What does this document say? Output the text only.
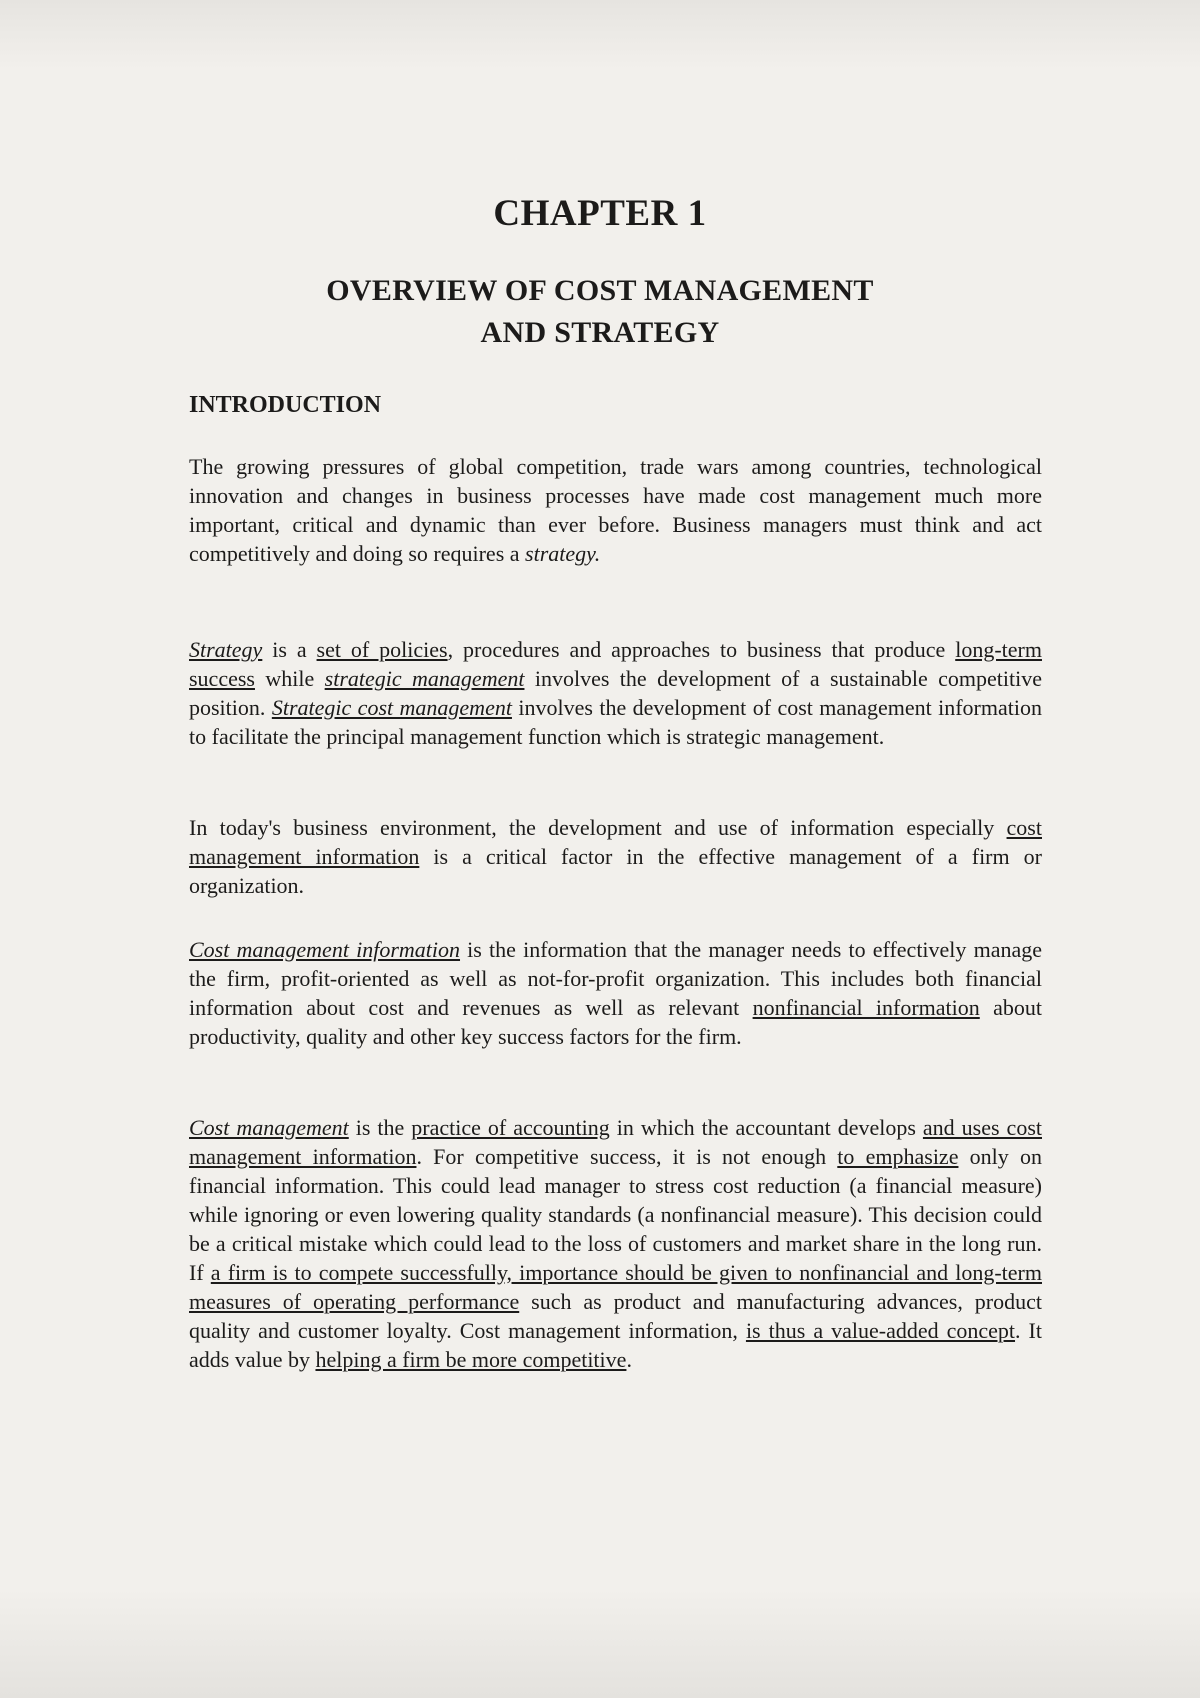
CHAPTER 1
OVERVIEW OF COST MANAGEMENT
AND STRATEGY
INTRODUCTION
The growing pressures of global competition, trade wars among countries, technological innovation and changes in business processes have made cost management much more important, critical and dynamic than ever before. Business managers must think and act competitively and doing so requires a strategy.
Strategy is a set of policies, procedures and approaches to business that produce long-term success while strategic management involves the development of a sustainable competitive position. Strategic cost management involves the development of cost management information to facilitate the principal management function which is strategic management.
In today's business environment, the development and use of information especially cost management information is a critical factor in the effective management of a firm or organization.
Cost management information is the information that the manager needs to effectively manage the firm, profit-oriented as well as not-for-profit organization. This includes both financial information about cost and revenues as well as relevant nonfinancial information about productivity, quality and other key success factors for the firm.
Cost management is the practice of accounting in which the accountant develops and uses cost management information. For competitive success, it is not enough to emphasize only on financial information. This could lead manager to stress cost reduction (a financial measure) while ignoring or even lowering quality standards (a nonfinancial measure). This decision could be a critical mistake which could lead to the loss of customers and market share in the long run. If a firm is to compete successfully, importance should be given to nonfinancial and long-term measures of operating performance such as product and manufacturing advances, product quality and customer loyalty. Cost management information, is thus a value-added concept. It adds value by helping a firm be more competitive.
